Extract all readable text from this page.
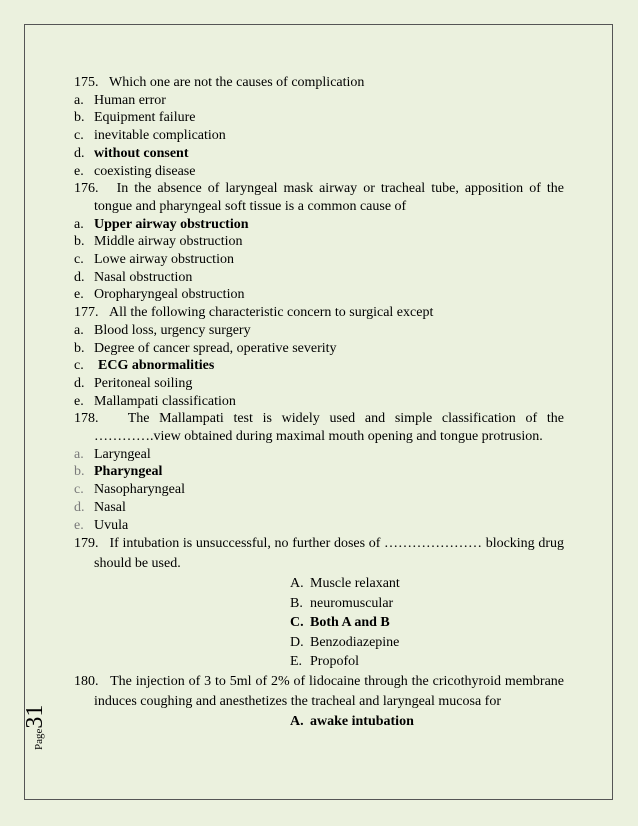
Page31
175. Which one are not the causes of complication
a. Human error
b. Equipment failure
c. inevitable complication
d. without consent
e. coexisting disease
176. In the absence of laryngeal mask airway or tracheal tube, apposition of the tongue and pharyngeal soft tissue is a common cause of
a. Upper airway obstruction
b. Middle airway obstruction
c. Lowe airway obstruction
d. Nasal obstruction
e. Oropharyngeal obstruction
177. All the following characteristic concern to surgical except
a. Blood loss, urgency surgery
b. Degree of cancer spread, operative severity
c.	ECG abnormalities
d. Peritoneal soiling
e. Mallampati classification
178. The Mallampati test is widely used and simple classification of the ………….view obtained during maximal mouth opening and tongue protrusion.
a. Laryngeal
b. Pharyngeal
c. Nasopharyngeal
d. Nasal
e. Uvula
179. If intubation is unsuccessful, no further doses of ………………… blocking drug should be used.
A. Muscle relaxant
B. neuromuscular
C. Both A and B
D. Benzodiazepine
E. Propofol
180. The injection of 3 to 5ml of 2% of lidocaine through the cricothyroid membrane induces coughing and anesthetizes the tracheal and laryngeal mucosa for
A. awake intubation
